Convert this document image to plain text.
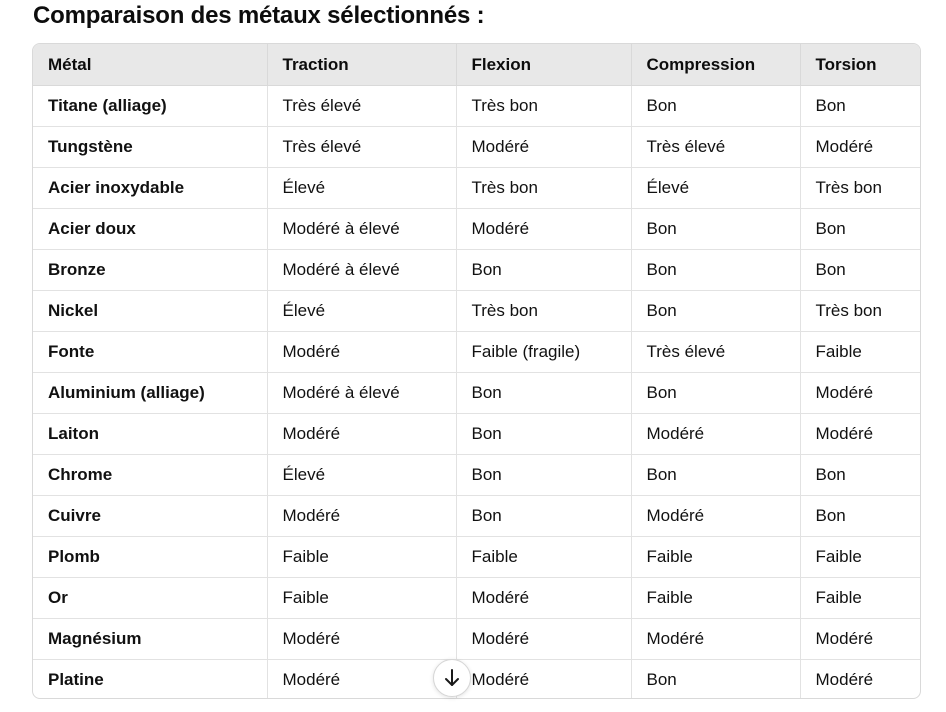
Comparaison des métaux sélectionnés :
Métal	Traction	Flexion	Compression	Torsion
Titane (alliage)	Très élevé	Très bon	Bon	Bon
Tungstène	Très élevé	Modéré	Très élevé	Modéré
Acier inoxydable	Élevé	Très bon	Élevé	Très bon
Acier doux	Modéré à élevé	Modéré	Bon	Bon
Bronze	Modéré à élevé	Bon	Bon	Bon
Nickel	Élevé	Très bon	Bon	Très bon
Fonte	Modéré	Faible (fragile)	Très élevé	Faible
Aluminium (alliage)	Modéré à élevé	Bon	Bon	Modéré
Laiton	Modéré	Bon	Modéré	Modéré
Chrome	Élevé	Bon	Bon	Bon
Cuivre	Modéré	Bon	Modéré	Bon
Plomb	Faible	Faible	Faible	Faible
Or	Faible	Modéré	Faible	Faible
Magnésium	Modéré	Modéré	Modéré	Modéré
Platine	Modéré	Modéré	Bon	Modéré
